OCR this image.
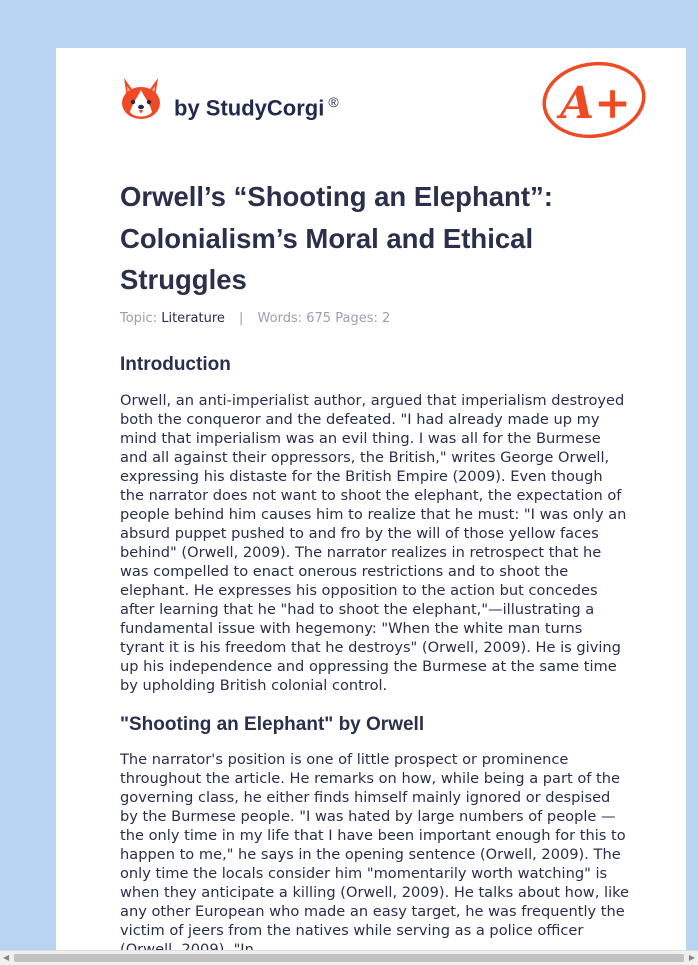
by StudyCorgi ®	A+
Orwell’s “Shooting an Elephant”: Colonialism’s Moral and Ethical Struggles
Topic: Literature | Words: 675 Pages: 2
Introduction

Orwell, an anti-imperialist author, argued that imperialism destroyed both the conqueror and the defeated. "I had already made up my mind that imperialism was an evil thing. I was all for the Burmese and all against their oppressors, the British," writes George Orwell, expressing his distaste for the British Empire (2009). Even though the narrator does not want to shoot the elephant, the expectation of people behind him causes him to realize that he must: "I was only an absurd puppet pushed to and fro by the will of those yellow faces behind" (Orwell, 2009). The narrator realizes in retrospect that he was compelled to enact onerous restrictions and to shoot the elephant. He expresses his opposition to the action but concedes after learning that he "had to shoot the elephant,"—illustrating a fundamental issue with hegemony: "When the white man turns tyrant it is his freedom that he destroys" (Orwell, 2009). He is giving up his independence and oppressing the Burmese at the same time by upholding British colonial control.

"Shooting an Elephant" by Orwell

The narrator's position is one of little prospect or prominence throughout the article. He remarks on how, while being a part of the governing class, he either finds himself mainly ignored or despised by the Burmese people. "I was hated by large numbers of people — the only time in my life that I have been important enough for this to happen to me," he says in the opening sentence (Orwell, 2009). The only time the locals consider him "momentarily worth watching" is when they anticipate a killing (Orwell, 2009). He talks about how, like any other European who made an easy target, he was frequently the victim of jeers from the natives while serving as a police officer

◀	▶
